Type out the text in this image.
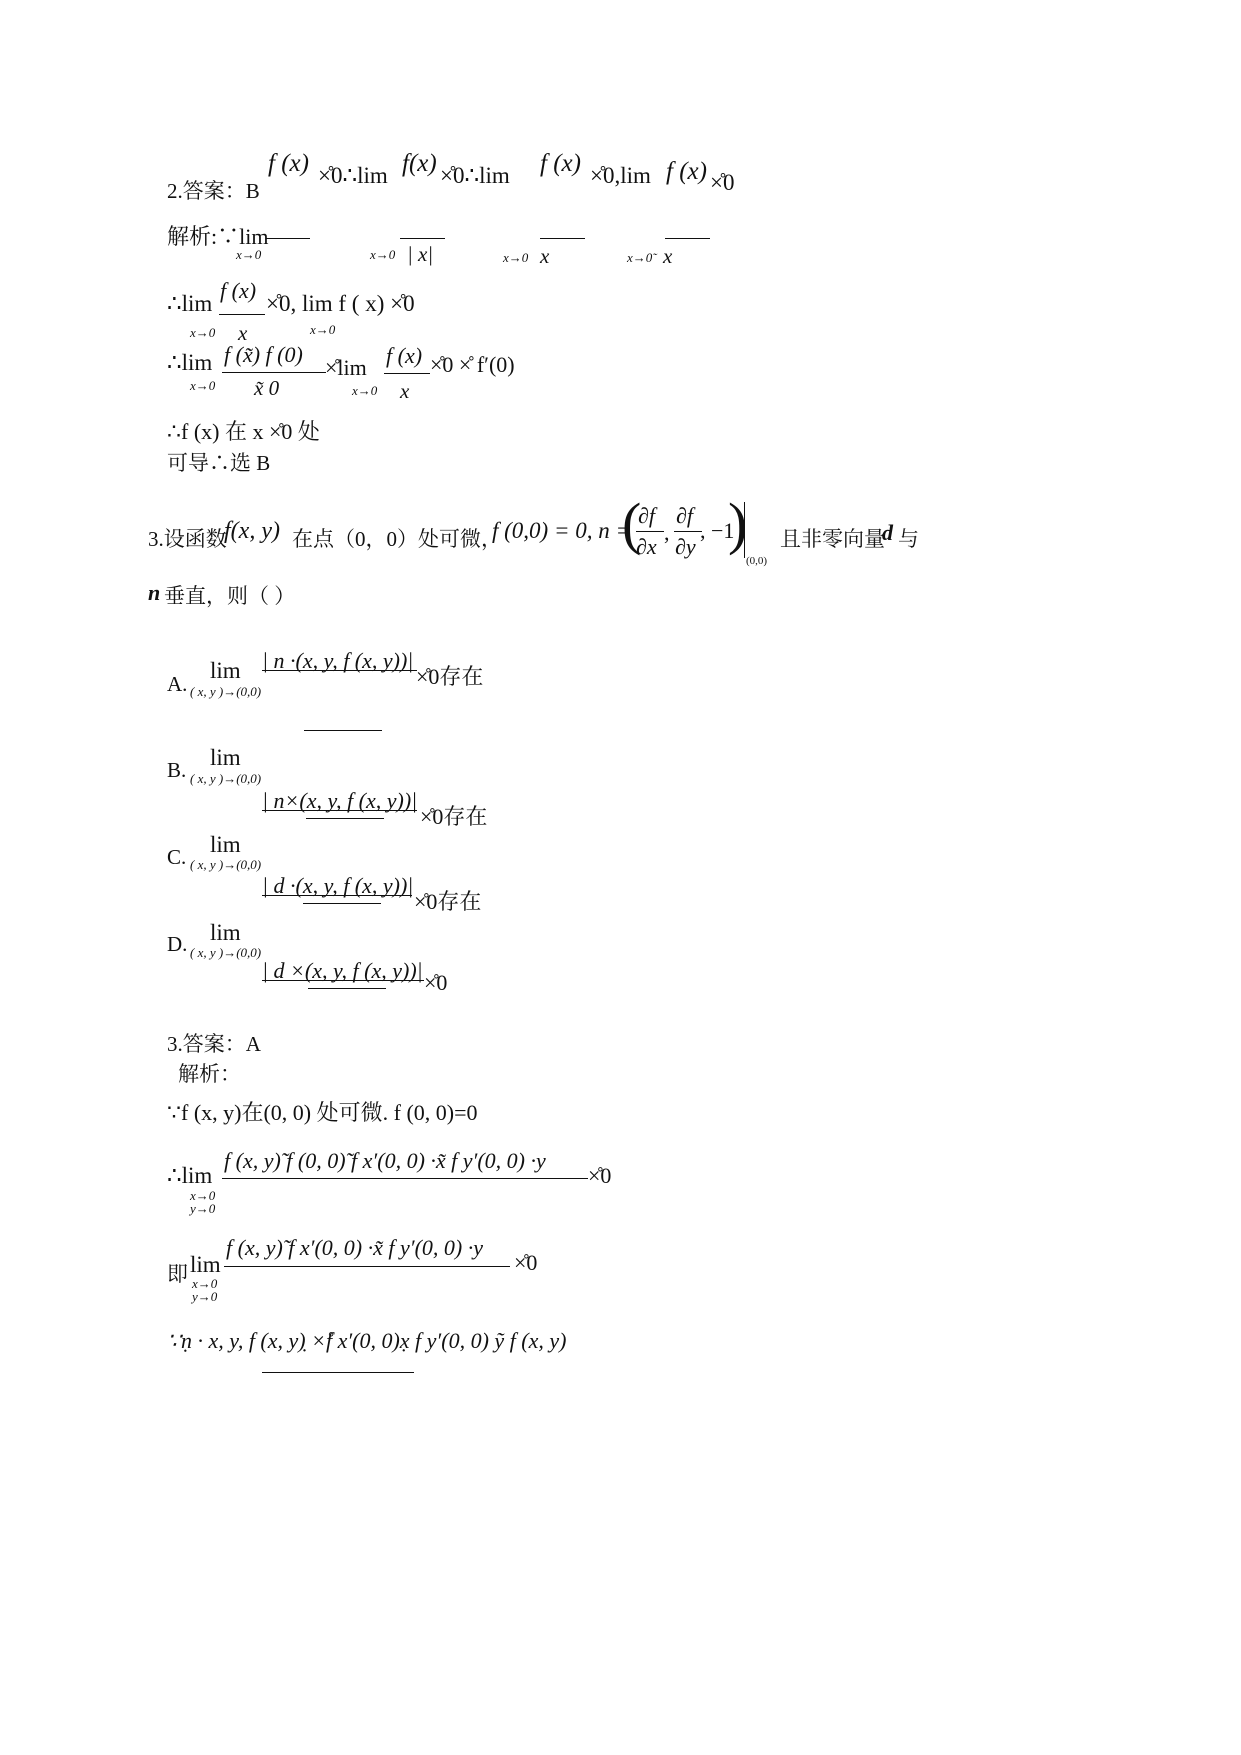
2.答案：B
f (x) ×̊0∴lim f(x) ×̊0∴lim f (x) ×̊0,lim f (x) ×̊0
解析:∵lim
x→0	x→0 | x|	x→0 x	x→0̃ x
∴lim
f (x)
x
x→0
×̊0, lim f ( x) ×̊0
x→0
∴lim
x→0
f (x̃) f (0)
x̃ 0
×̊lim
x→0
f (x)
x
×̊0 ×̊ f′(0)
∴f (x) 在 x ×̊0 处
可导∴选 B
3.设函数
f(x, y) 在点（0，0）处可微，
f (0,0) = 0, n =
(
∂f
∂x
,
∂f
∂y
, −1
)
(0,0)
且非零向量
d 与
n 垂直，则（ ）
A.
lim
( x, y )→(0,0)
| n ·(x, y, f (x, y))|
×̊0存在
B. lim
( x, y )→(0,0)
| n×(x, y, f (x, y))|
×̊0存在
C. lim
( x, y )→(0,0)
| d ·(x, y, f (x, y))|
×̊0存在
D. lim
( x, y )→(0,0)
| d ×(x, y, f (x, y))| ×̊0
3.答案：A
解析：
∵f (x, y)在(0, 0) 处可微. f (0, 0)=0
∴lim
x→0
y→0
f (x, y)̃ f (0, 0)̃ f x′(0, 0) ·x̃ f y′(0, 0) ·y
×̊0
即 lim
x→0
y→0
f (x, y)̃ f x′(0, 0) ·x̃ f y′(0, 0) ·y
×̊0
∵ṇ · x, y, f (x, y)̣ ×̊f x′(0, 0)x̣ f y′(0, 0) ỹ f (x, y)
